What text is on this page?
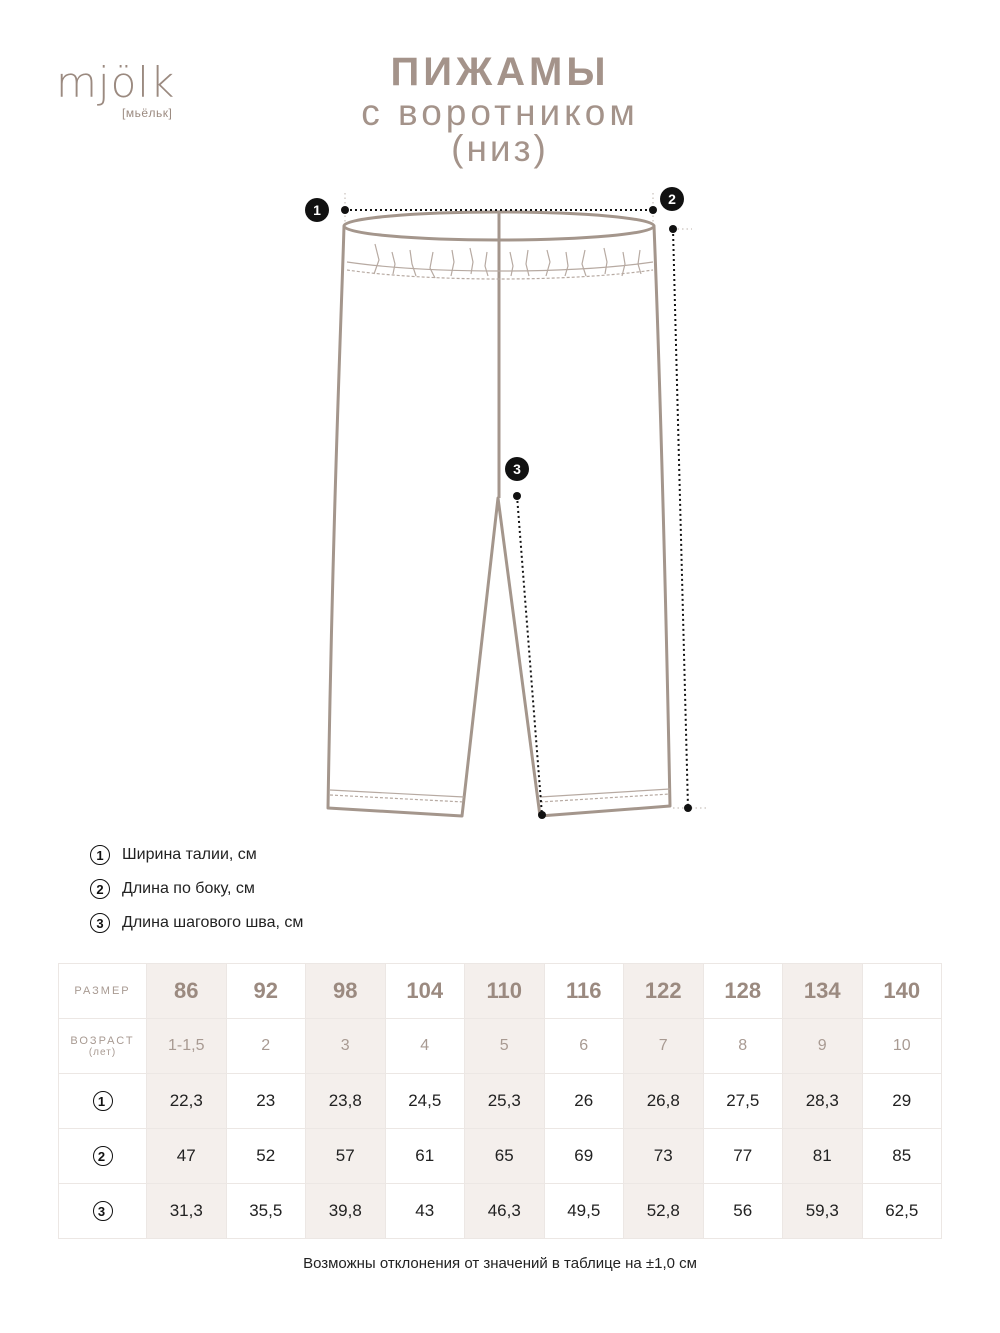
mjölk
[мьёльк]
ПИЖАМЫ
с воротником
(низ)
1
2
3
1	Ширина талии, см
2	Длина по боку, см
3	Длина шагового шва, см
РАЗМЕР	86	92	98	104	110	116	122	128	134	140
ВОЗРАСТ
(лет)	1-1,5	2	3	4	5	6	7	8	9	10
1	22,3	23	23,8	24,5	25,3	26	26,8	27,5	28,3	29
2	47	52	57	61	65	69	73	77	81	85
3	31,3	35,5	39,8	43	46,3	49,5	52,8	56	59,3	62,5
Возможны отклонения от значений в таблице на ±1,0 см
